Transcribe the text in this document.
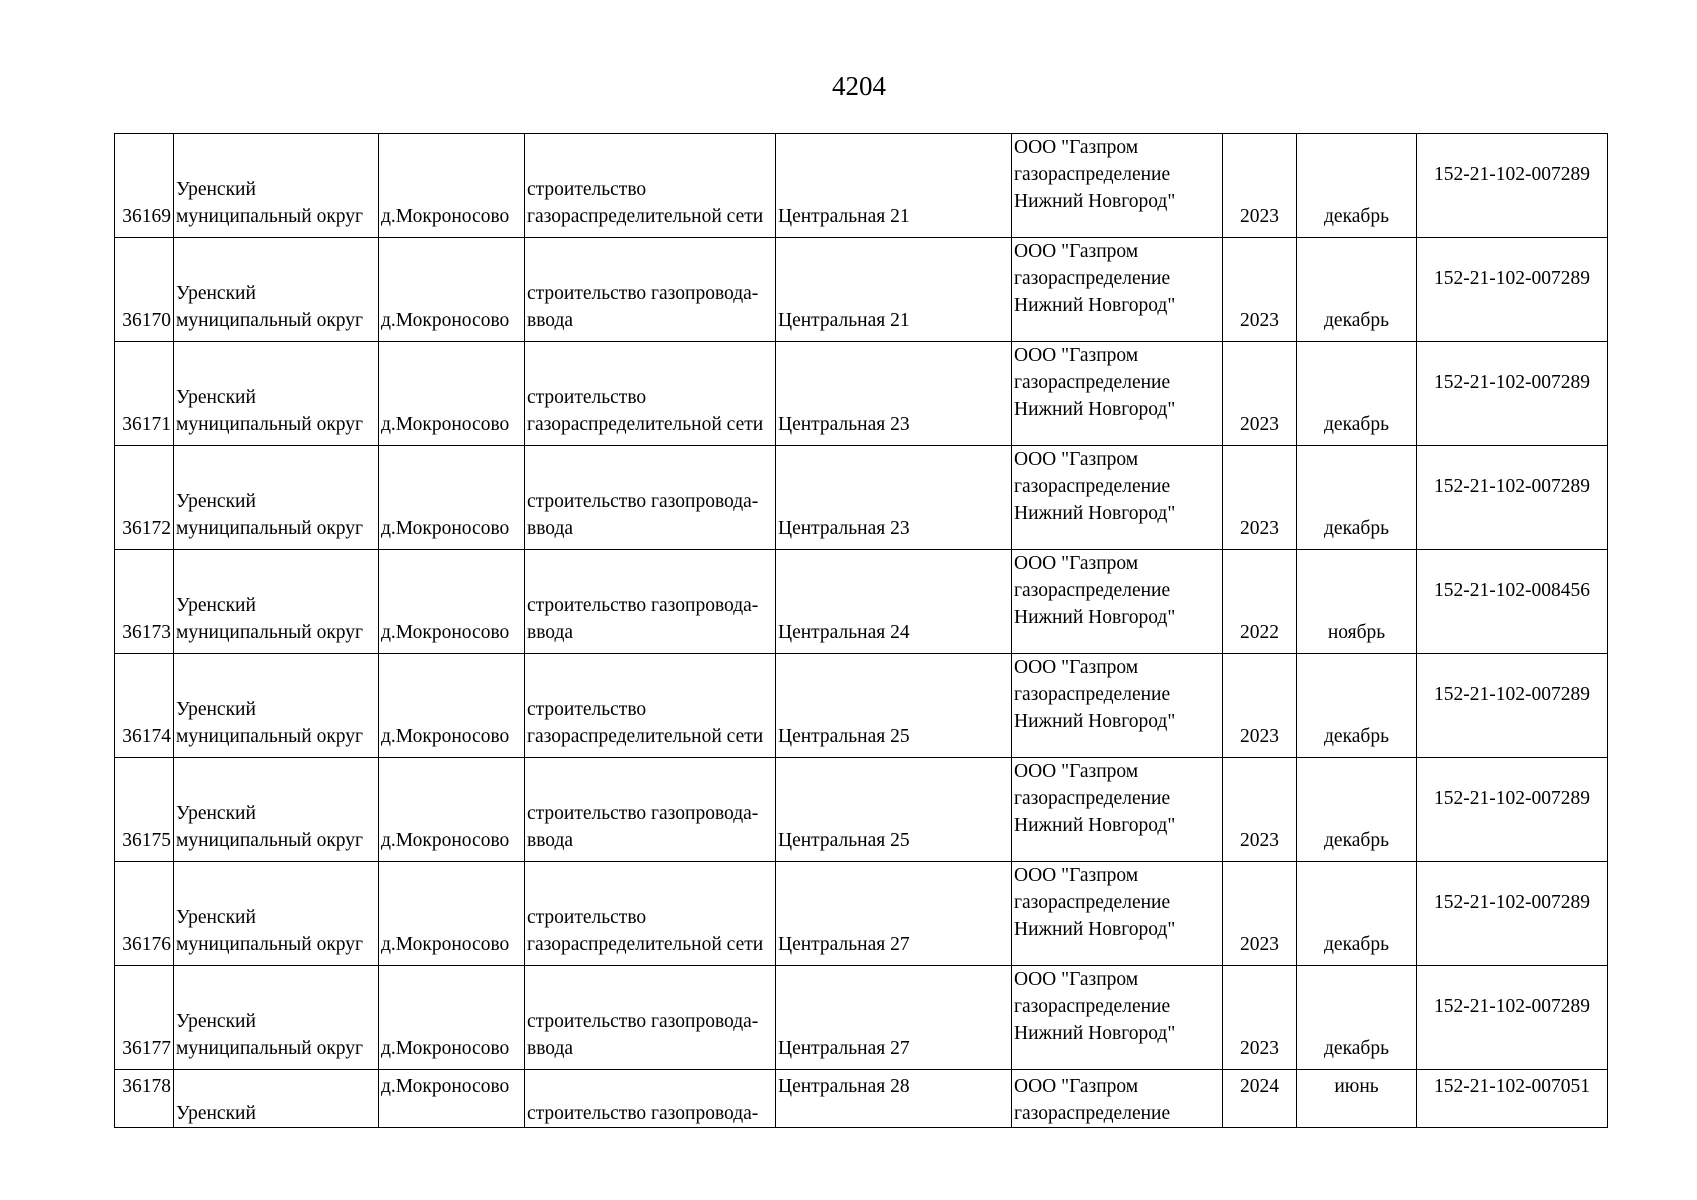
4204
36169	Уренский
муниципальный округ	д.Мокроносово	строительство
газораспределительной сети	Центральная 21	ООО "Газпром
газораспределение
Нижний Новгород"	2023	декабрь	152-21-102-007289

36170	Уренский
муниципальный округ	д.Мокроносово	строительство газопровода-
ввода	Центральная 21	ООО "Газпром
газораспределение
Нижний Новгород"	2023	декабрь	152-21-102-007289

36171	Уренский
муниципальный округ	д.Мокроносово	строительство
газораспределительной сети	Центральная 23	ООО "Газпром
газораспределение
Нижний Новгород"	2023	декабрь	152-21-102-007289

36172	Уренский
муниципальный округ	д.Мокроносово	строительство газопровода-
ввода	Центральная 23	ООО "Газпром
газораспределение
Нижний Новгород"	2023	декабрь	152-21-102-007289

36173	Уренский
муниципальный округ	д.Мокроносово	строительство газопровода-
ввода	Центральная 24	ООО "Газпром
газораспределение
Нижний Новгород"	2022	ноябрь	152-21-102-008456

36174	Уренский
муниципальный округ	д.Мокроносово	строительство
газораспределительной сети	Центральная 25	ООО "Газпром
газораспределение
Нижний Новгород"	2023	декабрь	152-21-102-007289

36175	Уренский
муниципальный округ	д.Мокроносово	строительство газопровода-
ввода	Центральная 25	ООО "Газпром
газораспределение
Нижний Новгород"	2023	декабрь	152-21-102-007289

36176	Уренский
муниципальный округ	д.Мокроносово	строительство
газораспределительной сети	Центральная 27	ООО "Газпром
газораспределение
Нижний Новгород"	2023	декабрь	152-21-102-007289

36177	Уренский
муниципальный округ	д.Мокроносово	строительство газопровода-
ввода	Центральная 27	ООО "Газпром
газораспределение
Нижний Новгород"	2023	декабрь	152-21-102-007289

36178	Уренский	д.Мокроносово	строительство газопровода-	Центральная 28	ООО "Газпром
газораспределение	2024	июнь	152-21-102-007051
